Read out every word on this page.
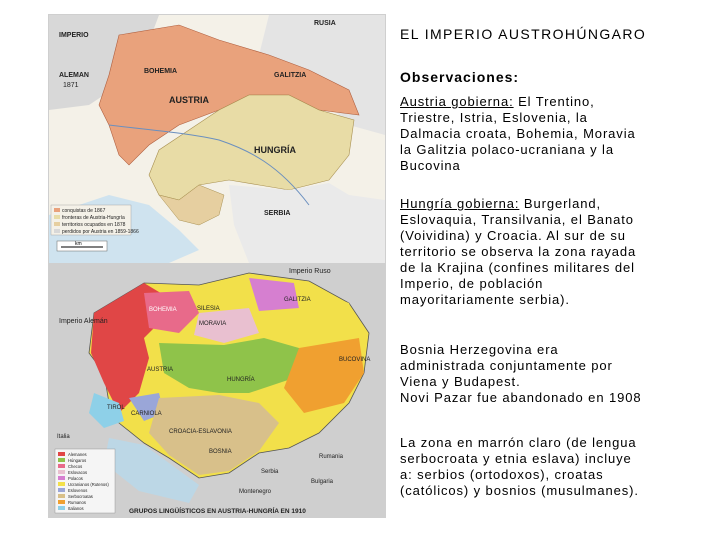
IMPERIO
ALEMAN
1871
RUSIA
GALITZIA
BOHEMIA
AUSTRIA
HUNGRÍA
SERBIA
km
conquistas de 1867
fronteras de Austria-Hungría
territorios ocupados en 1878
perdidos por Austria en 1859-1866
Imperio Ruso
Imperio Alemán
BOHEMIA
GALITZIA
SILESIA
MORAVIA
BUCOVINA
AUSTRIA
HUNGRÍA
TIROL
CARNIOLA
CROACIA-ESLAVONIA
BOSNIA
Italia
Serbia
Rumania
Montenegro
Bulgaria
Alemanes
Húngaros
Checos
Eslovacos
Polacos
Ucranianos (Rutenos)
Eslovenos
Serbocroatas
Rumanos
Italianos	GRUPOS LINGÜÍSTICOS EN AUSTRIA-HUNGRÍA EN 1910
EL IMPERIO AUSTROHÚNGARO
Observaciones:
Austria gobierna: El Trentino,
Triestre, Istria, Eslovenia, la
Dalmacia croata, Bohemia, Moravia
la Galitzia polaco-ucraniana y la
Bucovina
Hungría gobierna: Burgerland,
Eslovaquia, Transilvania, el Banato
(Voividina) y Croacia. Al sur de su
territorio se observa la zona rayada
de la Krajina (confines militares del
Imperio, de población
mayoritariamente serbia).
Bosnia Herzegovina era
administrada conjuntamente por
Viena y Budapest.
Novi Pazar fue abandonado en 1908
La zona en marrón claro (de lengua
serbocroata y etnia eslava) incluye
a: serbios (ortodoxos), croatas
(católicos) y bosnios (musulmanes).
